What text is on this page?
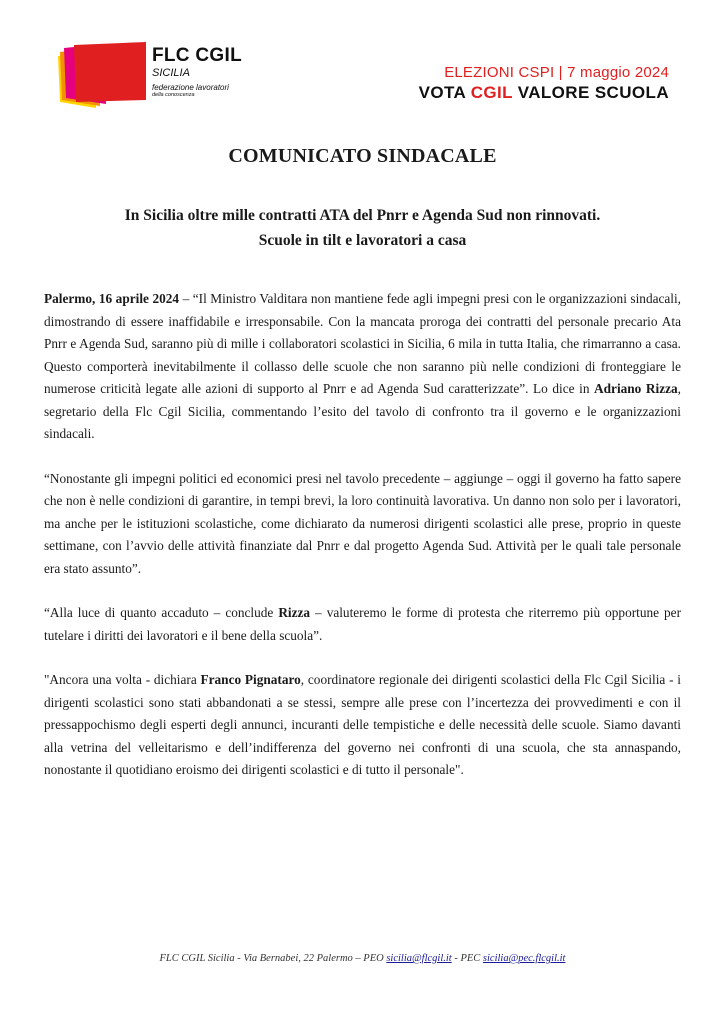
FLC CGIL
SICILIA
federazione lavoratori
della conoscenza
ELEZIONI CSPI | 7 maggio 2024
VOTA CGIL VALORE SCUOLA
COMUNICATO SINDACALE
In Sicilia oltre mille contratti ATA del Pnrr e Agenda Sud non rinnovati.
Scuole in tilt e lavoratori a casa

Palermo, 16 aprile 2024 – “Il Ministro Valditara non mantiene fede agli impegni presi con le organizzazioni sindacali, dimostrando di essere inaffidabile e irresponsabile. Con la mancata proroga dei contratti del personale precario Ata Pnrr e Agenda Sud, saranno più di mille i collaboratori scolastici in Sicilia, 6 mila in tutta Italia, che rimarranno a casa. Questo comporterà inevitabilmente il collasso delle scuole che non saranno più nelle condizioni di fronteggiare le numerose criticità legate alle azioni di supporto al Pnrr e ad Agenda Sud caratterizzate”. Lo dice in Adriano Rizza, segretario della Flc Cgil Sicilia, commentando l’esito del tavolo di confronto tra il governo e le organizzazioni sindacali.

“Nonostante gli impegni politici ed economici presi nel tavolo precedente – aggiunge – oggi il governo ha fatto sapere che non è nelle condizioni di garantire, in tempi brevi, la loro continuità lavorativa. Un danno non solo per i lavoratori, ma anche per le istituzioni scolastiche, come dichiarato da numerosi dirigenti scolastici alle prese, proprio in queste settimane, con l’avvio delle attività finanziate dal Pnrr e dal progetto Agenda Sud. Attività per le quali tale personale era stato assunto”.

“Alla luce di quanto accaduto – conclude Rizza – valuteremo le forme di protesta che riterremo più opportune per tutelare i diritti dei lavoratori e il bene della scuola”.

"Ancora una volta - dichiara Franco Pignataro, coordinatore regionale dei dirigenti scolastici della Flc Cgil Sicilia - i dirigenti scolastici sono stati abbandonati a se stessi, sempre alle prese con l’incertezza dei provvedimenti e con il pressappochismo degli esperti degli annunci, incuranti delle tempistiche e delle necessità delle scuole. Siamo davanti alla vetrina del velleitarismo e dell’indifferenza del governo nei confronti di una scuola, che sta annaspando, nonostante il quotidiano eroismo dei dirigenti scolastici e di tutto il personale".

FLC CGIL Sicilia - Via Bernabei, 22 Palermo – PEO sicilia@flcgil.it - PEC sicilia@pec.flcgil.it
